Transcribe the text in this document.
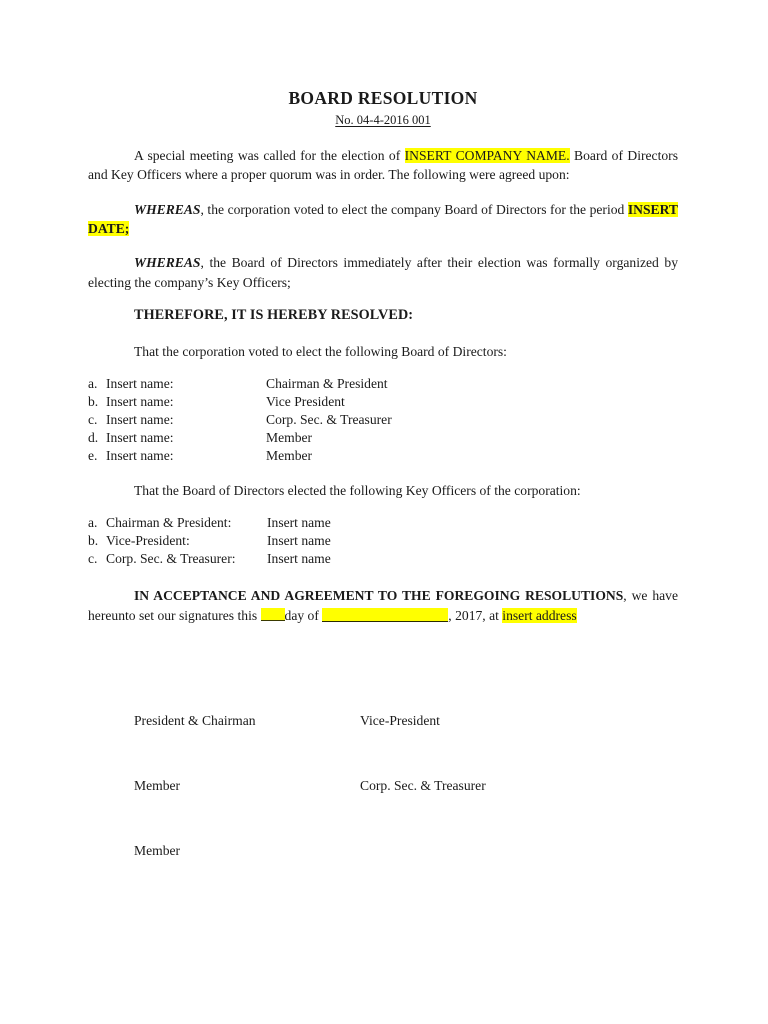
BOARD RESOLUTION
No. 04-4-2016 001

A special meeting was called for the election of INSERT COMPANY NAME. Board of Directors and Key Officers where a proper quorum was in order. The following were agreed upon:

WHEREAS, the corporation voted to elect the company Board of Directors for the period INSERT DATE;

WHEREAS, the Board of Directors immediately after their election was formally organized by electing the company’s Key Officers;

THEREFORE, IT IS HEREBY RESOLVED:
That the corporation voted to elect the following Board of Directors:
a.	Insert name:	Chairman & President
b.	Insert name:	Vice President
c.	Insert name:	Corp. Sec. & Treasurer
d.	Insert name:	Member
e.	Insert name:	Member
That the Board of Directors elected the following Key Officers of the corporation:
a.	Chairman & President:	Insert name
b.	Vice-President:	Insert name
c.	Corp. Sec. & Treasurer:	Insert name

IN ACCEPTANCE AND AGREEMENT TO THE FOREGOING RESOLUTIONS, we have hereunto set our signatures this day of	, 2017, at insert address

President & Chairman	Vice-President
Member	Corp. Sec. & Treasurer
Member
